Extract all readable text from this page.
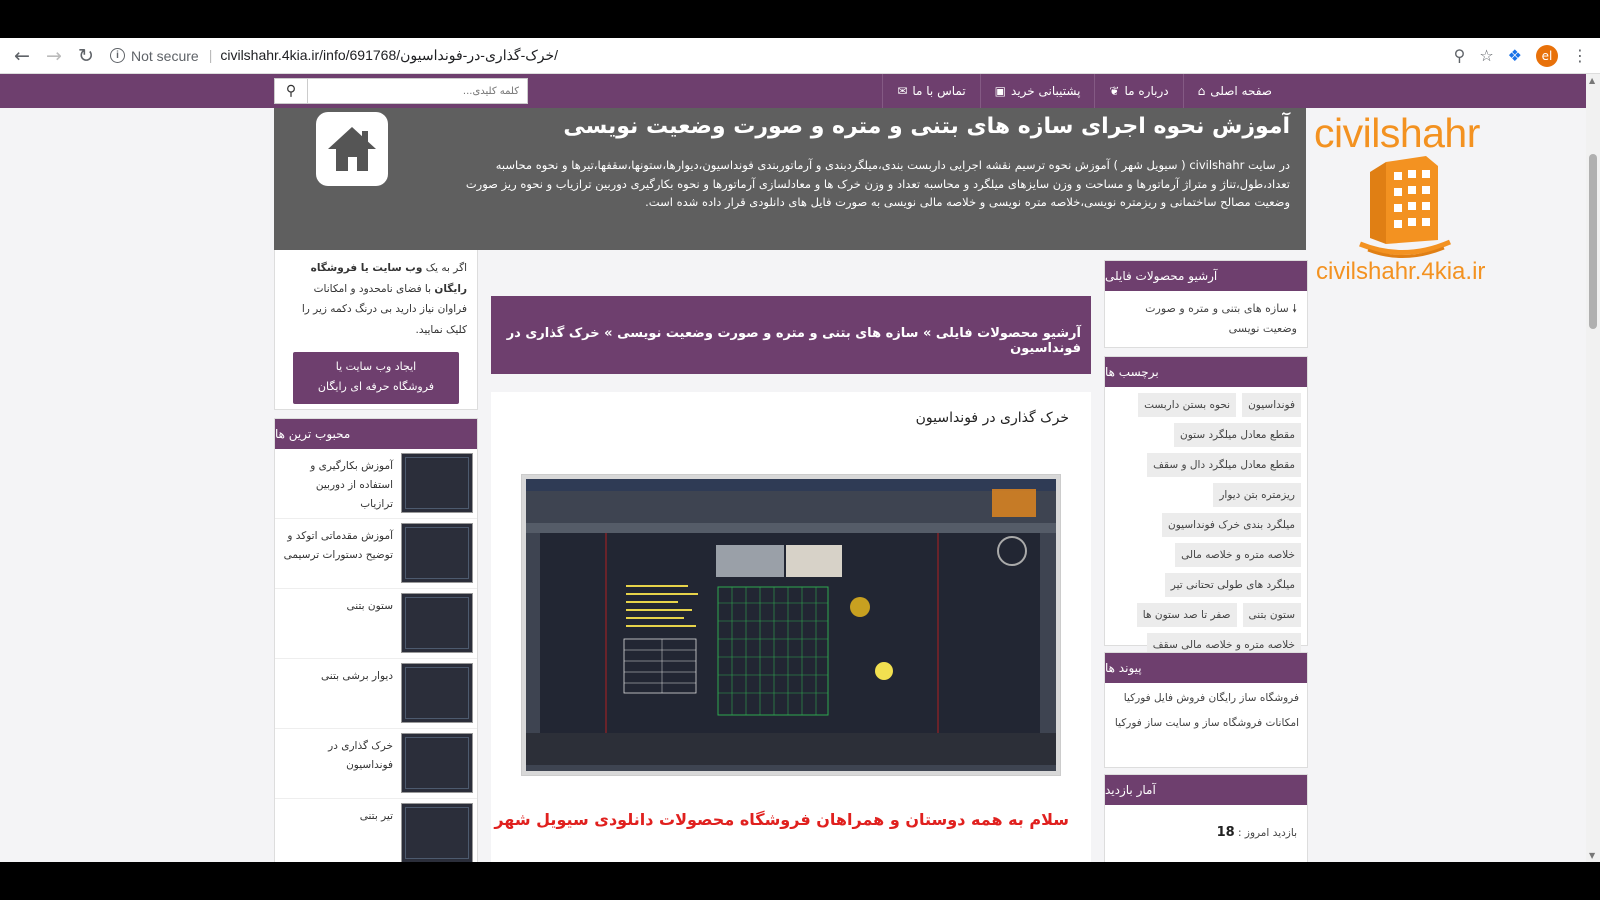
← → ↻	i Not secure | civilshahr.4kia.ir/info/691768/خرک-گذاری-در-فونداسیون/	⚲ ☆ ❖	el	⋮
⌂ صفحه اصلی
❦ درباره ما
▣ پشتیبانی خرید
✉ تماس با ما
⚲
کلمه کلیدی...
آموزش نحوه اجرای سازه های بتنی و متره و صورت وضعیت نویسی
در سایت civilshahr ( سیویل شهر ) آموزش نحوه ترسیم نقشه اجرایی داربست بندی،میلگردبندی و آرماتوربندی فونداسیون،دیوارها،ستونها،سقفها،تیرها و نحوه محاسبه تعداد،طول،تناژ و متراژ آرماتورها و مساحت و وزن سایزهای میلگرد و محاسبه تعداد و وزن خرک ها و معادلسازی آرماتورها و نحوه بکارگیری دوربین ترازیاب و نحوه ریز صورت وضعیت مصالح ساختمانی و ریزمتره نویسی،خلاصه متره نویسی و خلاصه مالی نویسی به صورت فایل های دانلودی قرار داده شده است.
civilshahr
civilshahr.4kia.ir
اگر به یک وب سایت یا فروشگاه رایگان با فضای نامحدود و امکانات فراوان نیاز دارید بی درنگ دکمه زیر را کلیک نمایید.
ایجاد وب سایت یا
فروشگاه حرفه ای رایگان
محبوب ترین ها
آموزش بکارگیری و استفاده از دوربین ترازیاب
آموزش مقدماتی اتوکد و توضیح دستورات ترسیمی
ستون بتنی
دیوار برشی بتنی
خرک گذاری در فونداسیون
تیر بتنی
آرشیو محصولات فایلی » سازه های بتنی و متره و صورت وضعیت نویسی » خرک گذاری در فونداسیون
خرک گذاری در فونداسیون
سلام به همه دوستان و همراهان فروشگاه محصولات دانلودی سیویل شهر
آرشیو محصولات فایلی
🠗 سازه های بتنی و متره و صورت وضعیت نویسی
برچسب ها
فونداسیون
نحوه بستن داربست
مقطع معادل میلگرد ستون
مقطع معادل میلگرد دال و سقف
ریزمتره بتن دیوار
میلگرد بندی خرک فونداسیون
خلاصه متره و خلاصه مالی
میلگرد های طولی تحتانی تیر
ستون بتنی
صفر تا صد ستون ها
خلاصه متره و خلاصه مالی سقف
پیوند ها
فروشگاه ساز رایگان فروش فایل فورکیا
امکانات فروشگاه ساز و سایت ساز فورکیا
آمار بازدید
بازدید امروز : 18
▲
▼
